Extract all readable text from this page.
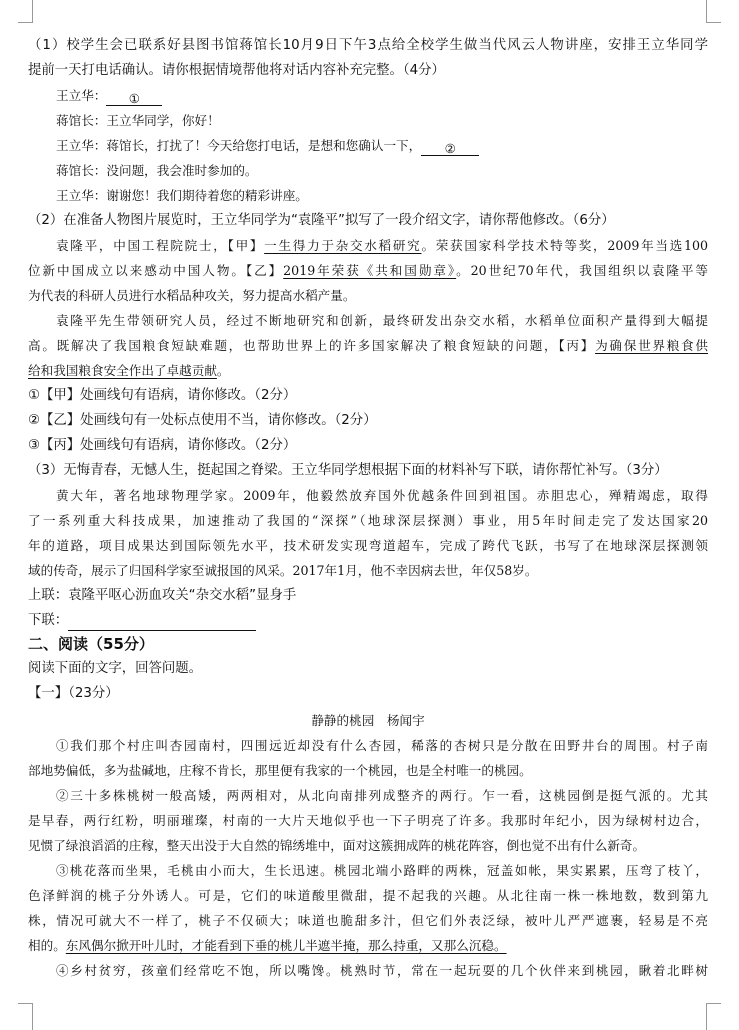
（1）校学生会已联系好县图书馆蒋馆长10月9日下午3点给全校学生做当代风云人物讲座，安排王立华同学
提前一天打电话确认。请你根据情境帮他将对话内容补充完整。（4分）
王立华： ①
蒋馆长：王立华同学，你好！
王立华：蒋馆长，打扰了！今天给您打电话，是想和您确认一下， ②
蒋馆长：没问题，我会准时参加的。
王立华：谢谢您！我们期待着您的精彩讲座。
（2）在准备人物图片展览时，王立华同学为“袁隆平”拟写了一段介绍文字，请你帮他修改。（6分）
袁隆平，中国工程院院士，【甲】一生得力于杂交水稻研究。荣获国家科学技术特等奖，2009年当选100
位新中国成立以来感动中国人物。【乙】2019年荣获《共和国勋章》。20世纪70年代，我国组织以袁隆平等
为代表的科研人员进行水稻品种攻关，努力提高水稻产量。
袁隆平先生带领研究人员，经过不断地研究和创新，最终研发出杂交水稻，水稻单位面积产量得到大幅提
高。既解决了我国粮食短缺难题，也帮助世界上的许多国家解决了粮食短缺的问题，【丙】为确保世界粮食供
给和我国粮食安全作出了卓越贡献。
①【甲】处画线句有语病，请你修改。（2分）
②【乙】处画线句有一处标点使用不当，请你修改。（2分）
③【丙】处画线句有语病，请你修改。（2分）
（3）无悔青春，无憾人生，挺起国之脊梁。王立华同学想根据下面的材料补写下联，请你帮忙补写。（3分）
黄大年，著名地球物理学家。2009年，他毅然放弃国外优越条件回到祖国。赤胆忠心，殚精竭虑，取得
了一系列重大科技成果，加速推动了我国的“深探”（地球深层探测）事业，用5年时间走完了发达国家20
年的道路，项目成果达到国际领先水平，技术研发实现弯道超车，完成了跨代飞跃，书写了在地球深层探测领
域的传奇，展示了归国科学家至诚报国的风采。2017年1月，他不幸因病去世，年仅58岁。
上联：袁隆平呕心沥血攻关“杂交水稻”显身手
下联：
二、阅读（55分）
阅读下面的文字，回答问题。
【一】（23分）
静静的桃园　杨闻宇
①我们那个村庄叫杏园南村，四围远近却没有什么杏园，稀落的杏树只是分散在田野井台的周围。村子南
部地势偏低，多为盐碱地，庄稼不肯长，那里便有我家的一个桃园，也是全村唯一的桃园。
②三十多株桃树一般高矮，两两相对，从北向南排列成整齐的两行。乍一看，这桃园倒是挺气派的。尤其
是早春，两行红粉，明丽璀璨，村南的一大片天地似乎也一下子明亮了许多。我那时年纪小，因为绿树村边合，
见惯了绿浪滔滔的庄稼，整天出没于大自然的锦绣堆中，面对这簇拥成阵的桃花阵容，倒也觉不出有什么新奇。
③桃花落而坐果，毛桃由小而大，生长迅速。桃园北端小路畔的两株，冠盖如帐，果实累累，压弯了枝丫，
色泽鲜润的桃子分外诱人。可是，它们的味道酸里微甜，提不起我的兴趣。从北往南一株一株地数，数到第九
株，情况可就大不一样了，桃子不仅硕大；味道也脆甜多汁，但它们外表泛绿，被叶儿严严遮裹，轻易是不亮
相的。东风偶尔掀开叶儿时，才能看到下垂的桃儿半遮半掩，那么持重，又那么沉稳。
④乡村贫穷，孩童们经常吃不饱，所以嘴馋。桃熟时节，常在一起玩耍的几个伙伴来到桃园，瞅着北畔树
